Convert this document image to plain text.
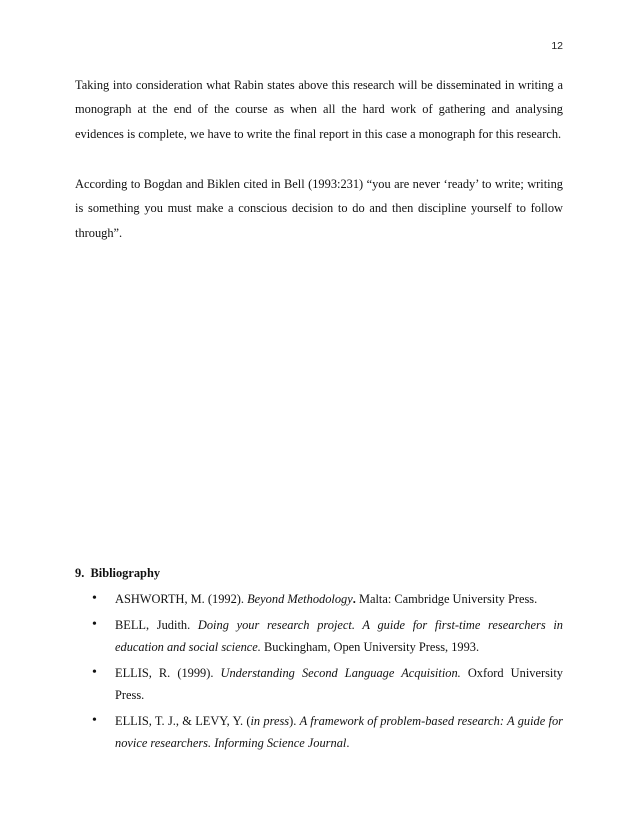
12

Taking into consideration what Rabin states above this research will be disseminated in writing a monograph at the end of the course as when all the hard work of gathering and analysing evidences is complete, we have to write the final report in this case a monograph for this research.

According to Bogdan and Biklen cited in Bell (1993:231) “you are never ‘ready’ to write; writing is something you must make a conscious decision to do and then discipline yourself to follow through”.

9.  Bibliography

• ASHWORTH, M. (1992). Beyond Methodology. Malta: Cambridge University Press.
• BELL, Judith. Doing your research project. A guide for first-time researchers in education and social science. Buckingham, Open University Press, 1993.
• ELLIS, R. (1999). Understanding Second Language Acquisition. Oxford University Press.
• ELLIS, T. J., & LEVY, Y. (in press). A framework of problem-based research: A guide for novice researchers. Informing Science Journal.
